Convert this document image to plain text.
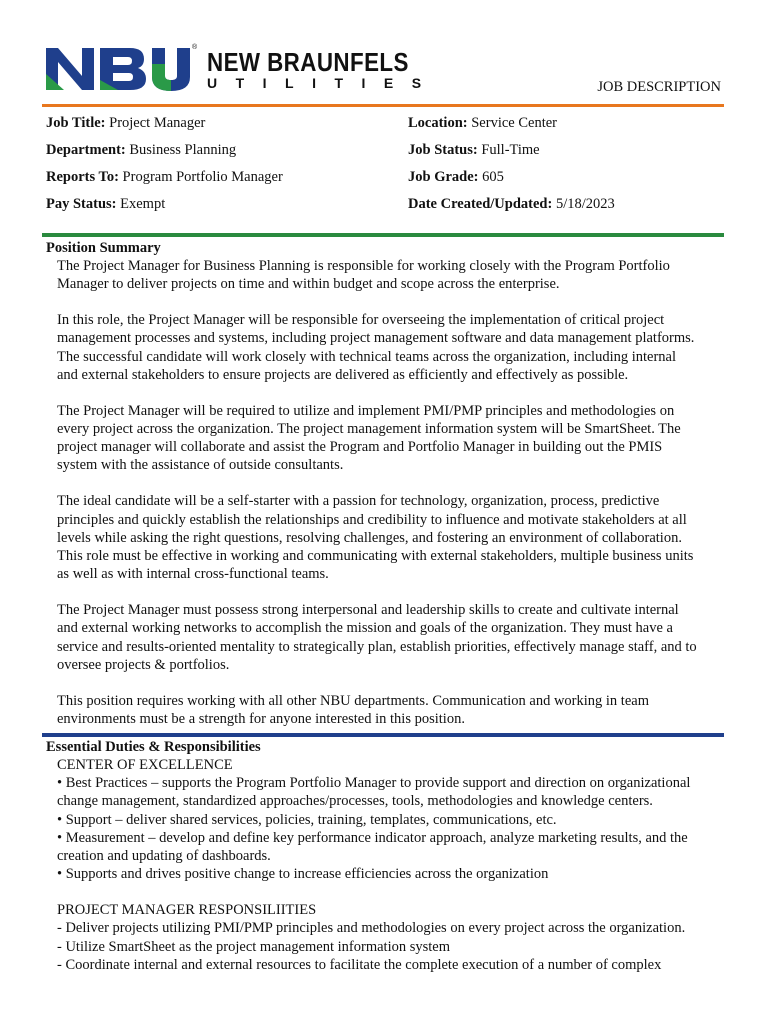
® NEW BRAUNFELS
UTILITIES	JOB DESCRIPTION
Job Title: Project Manager	Location: Service Center
Department: Business Planning	Job Status: Full-Time
Reports To: Program Portfolio Manager	Job Grade: 605
Pay Status: Exempt	Date Created/Updated: 5/18/2023
Position Summary

The Project Manager for Business Planning is responsible for working closely with the Program Portfolio
Manager to deliver projects on time and within budget and scope across the enterprise.

In this role, the Project Manager will be responsible for overseeing the implementation of critical project
management processes and systems, including project management software and data management platforms.
The successful candidate will work closely with technical teams across the organization, including internal
and external stakeholders to ensure projects are delivered as efficiently and effectively as possible.

The Project Manager will be required to utilize and implement PMI/PMP principles and methodologies on
every project across the organization. The project management information system will be SmartSheet. The
project manager will collaborate and assist the Program and Portfolio Manager in building out the PMIS
system with the assistance of outside consultants.

The ideal candidate will be a self-starter with a passion for technology, organization, process, predictive
principles and quickly establish the relationships and credibility to influence and motivate stakeholders at all
levels while asking the right questions, resolving challenges, and fostering an environment of collaboration.
This role must be effective in working and communicating with external stakeholders, multiple business units
as well as with internal cross-functional teams.

The Project Manager must possess strong interpersonal and leadership skills to create and cultivate internal
and external working networks to accomplish the mission and goals of the organization. They must have a
service and results-oriented mentality to strategically plan, establish priorities, effectively manage staff, and to
oversee projects & portfolios.

This position requires working with all other NBU departments. Communication and working in team
environments must be a strength for anyone interested in this position.

Essential Duties & Responsibilities

CENTER OF EXCELLENCE
• Best Practices – supports the Program Portfolio Manager to provide support and direction on organizational
change management, standardized approaches/processes, tools, methodologies and knowledge centers.
• Support – deliver shared services, policies, training, templates, communications, etc.
• Measurement – develop and define key performance indicator approach, analyze marketing results, and the
creation and updating of dashboards.
• Supports and drives positive change to increase efficiencies across the organization

PROJECT MANAGER RESPONSILIITIES
- Deliver projects utilizing PMI/PMP principles and methodologies on every project across the organization.
- Utilize SmartSheet as the project management information system
- Coordinate internal and external resources to facilitate the complete execution of a number of complex
